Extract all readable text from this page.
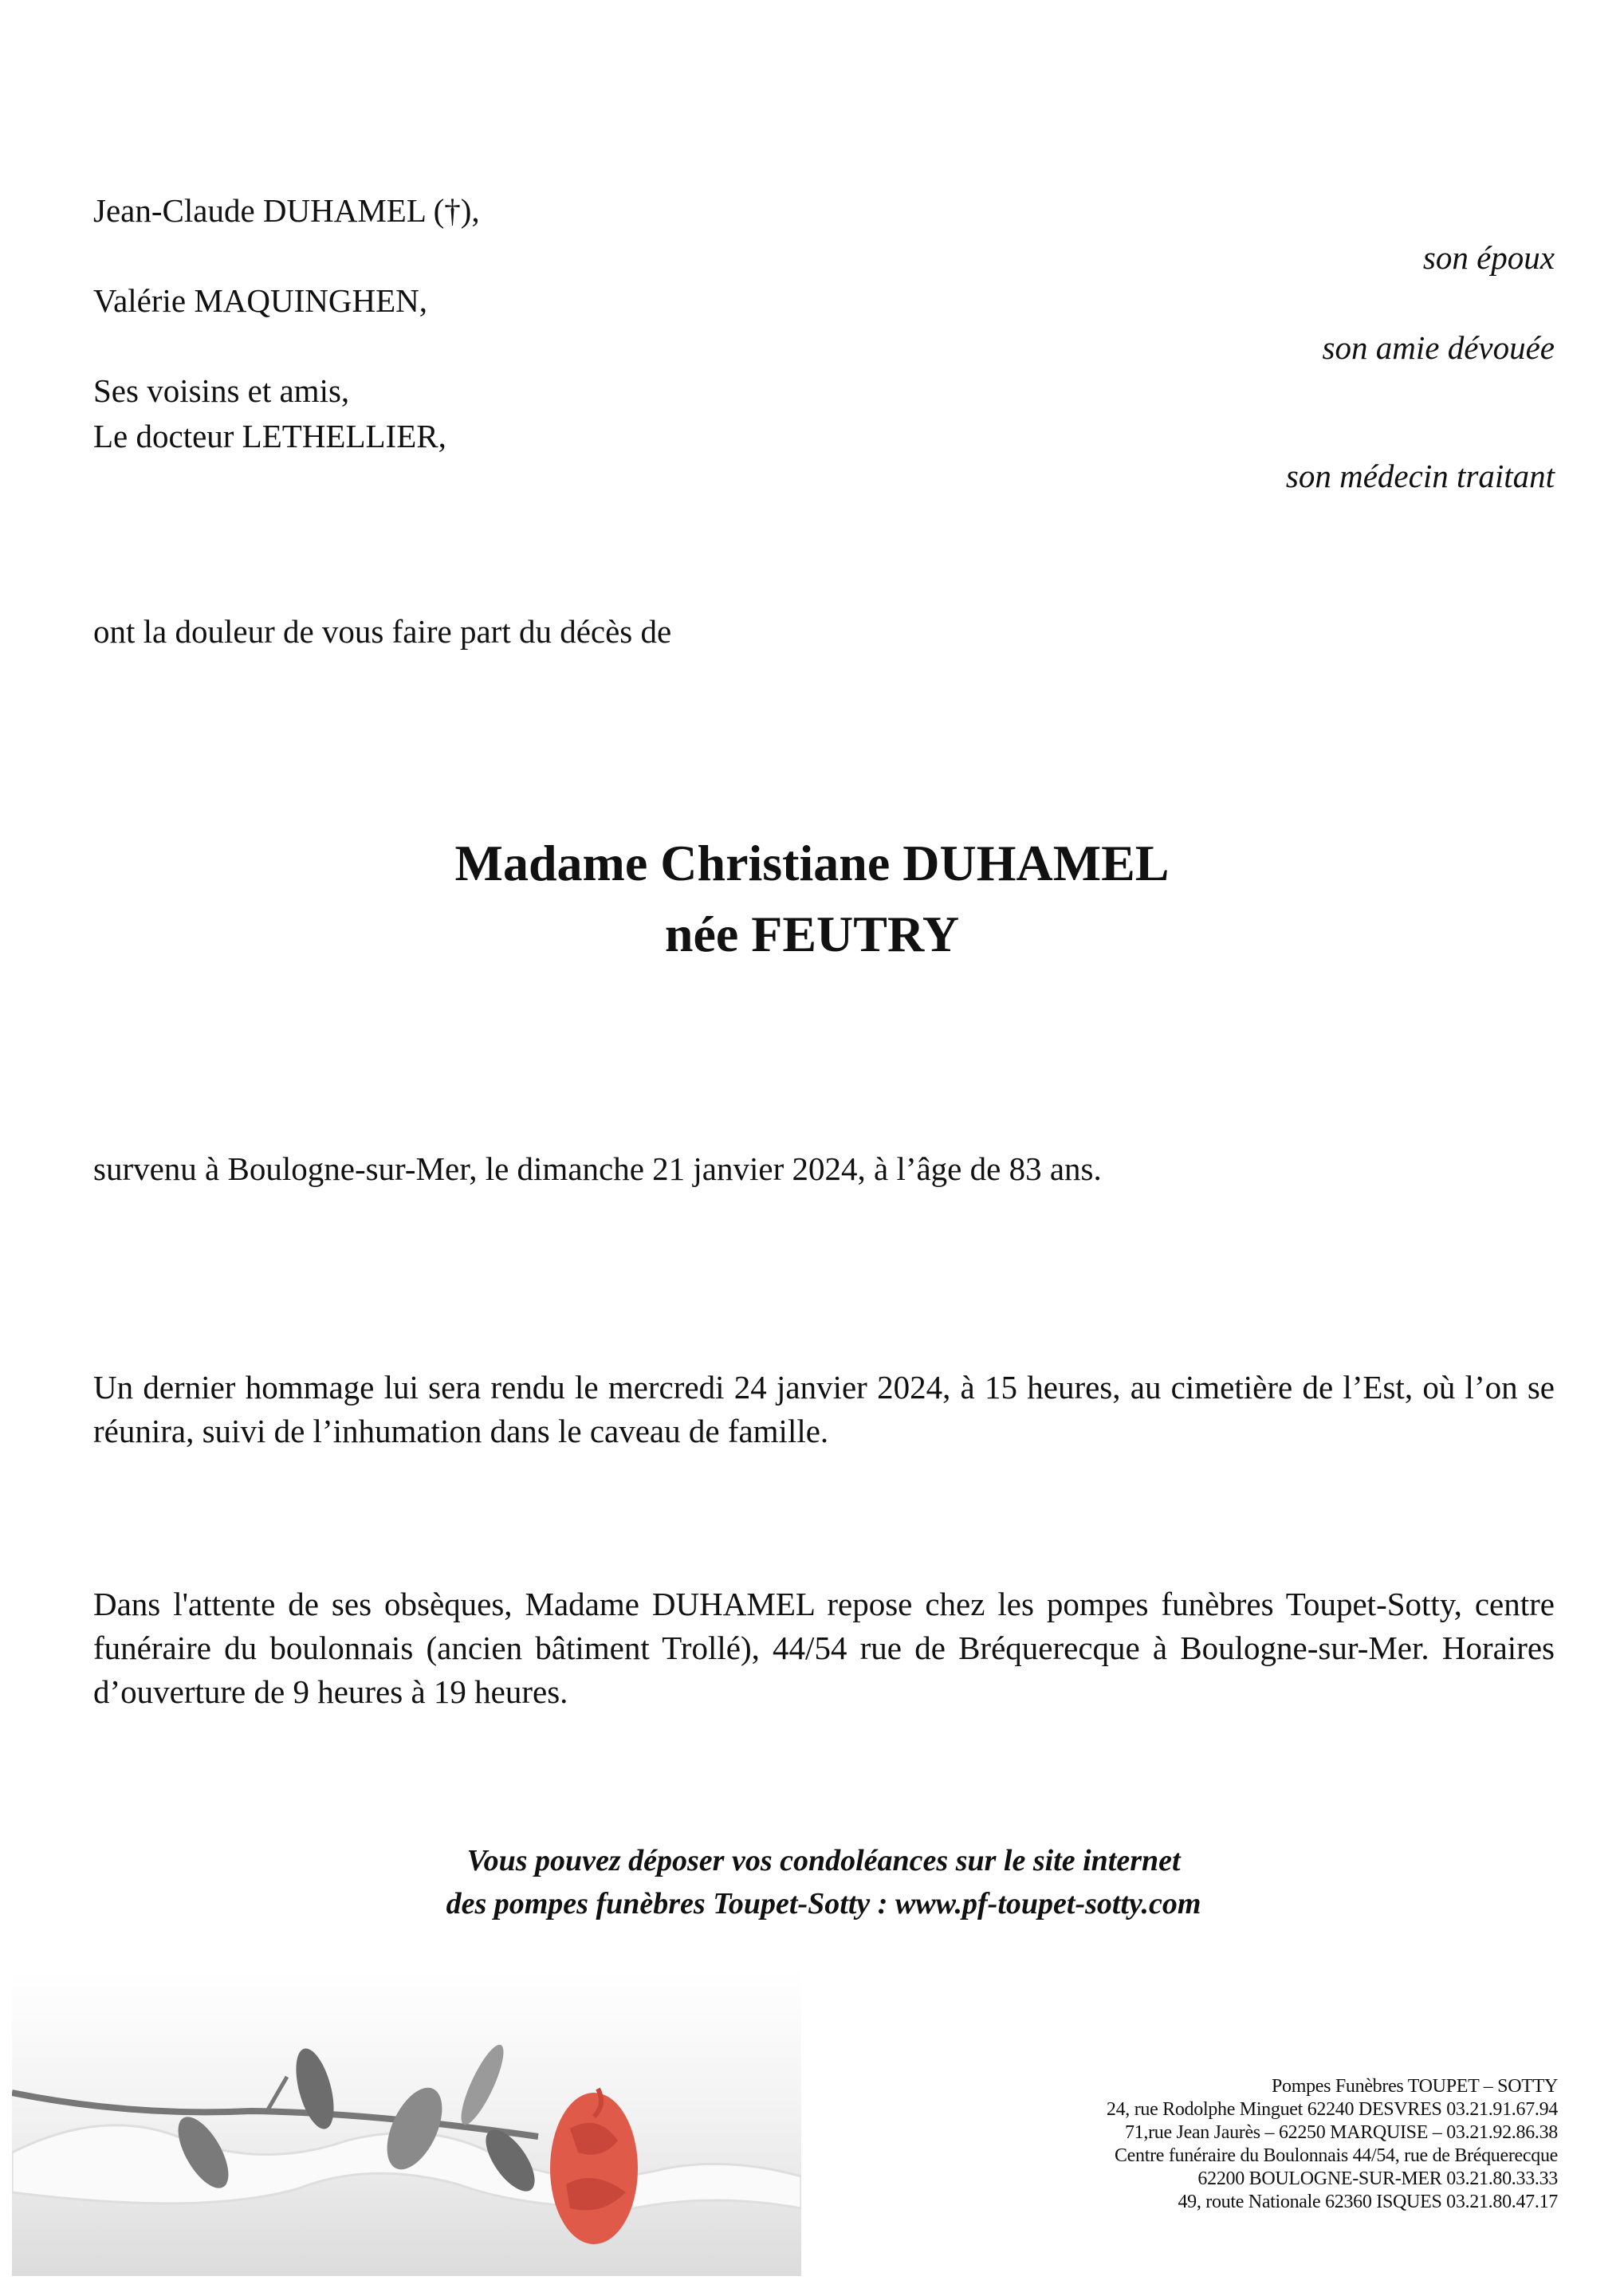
Jean-Claude DUHAMEL (†),
son époux
Valérie MAQUINGHEN,
son amie dévouée
Ses voisins et amis,
Le docteur LETHELLIER,
son médecin traitant
ont la douleur de vous faire part du décès de
Madame Christiane DUHAMEL
née FEUTRY
survenu à Boulogne-sur-Mer, le dimanche 21 janvier 2024, à l’âge de 83 ans.
Un dernier hommage lui sera rendu le mercredi 24 janvier 2024, à 15 heures, au cimetière de l’Est, où l’on se réunira, suivi de l’inhumation dans le caveau de famille.
Dans l'attente de ses obsèques, Madame DUHAMEL repose chez les pompes funèbres Toupet-Sotty, centre funéraire du boulonnais (ancien bâtiment Trollé), 44/54 rue de Bréquerecque à Boulogne-sur-Mer. Horaires d’ouverture de 9 heures à 19 heures.
Vous pouvez déposer vos condoléances sur le site internet
des pompes funèbres Toupet-Sotty : www.pf-toupet-sotty.com
Pompes Funèbres TOUPET – SOTTY
24, rue Rodolphe Minguet 62240 DESVRES 03.21.91.67.94
71,rue Jean Jaurès – 62250 MARQUISE – 03.21.92.86.38
Centre funéraire du Boulonnais 44/54, rue de Bréquerecque
62200 BOULOGNE-SUR-MER 03.21.80.33.33
49, route Nationale 62360 ISQUES 03.21.80.47.17
